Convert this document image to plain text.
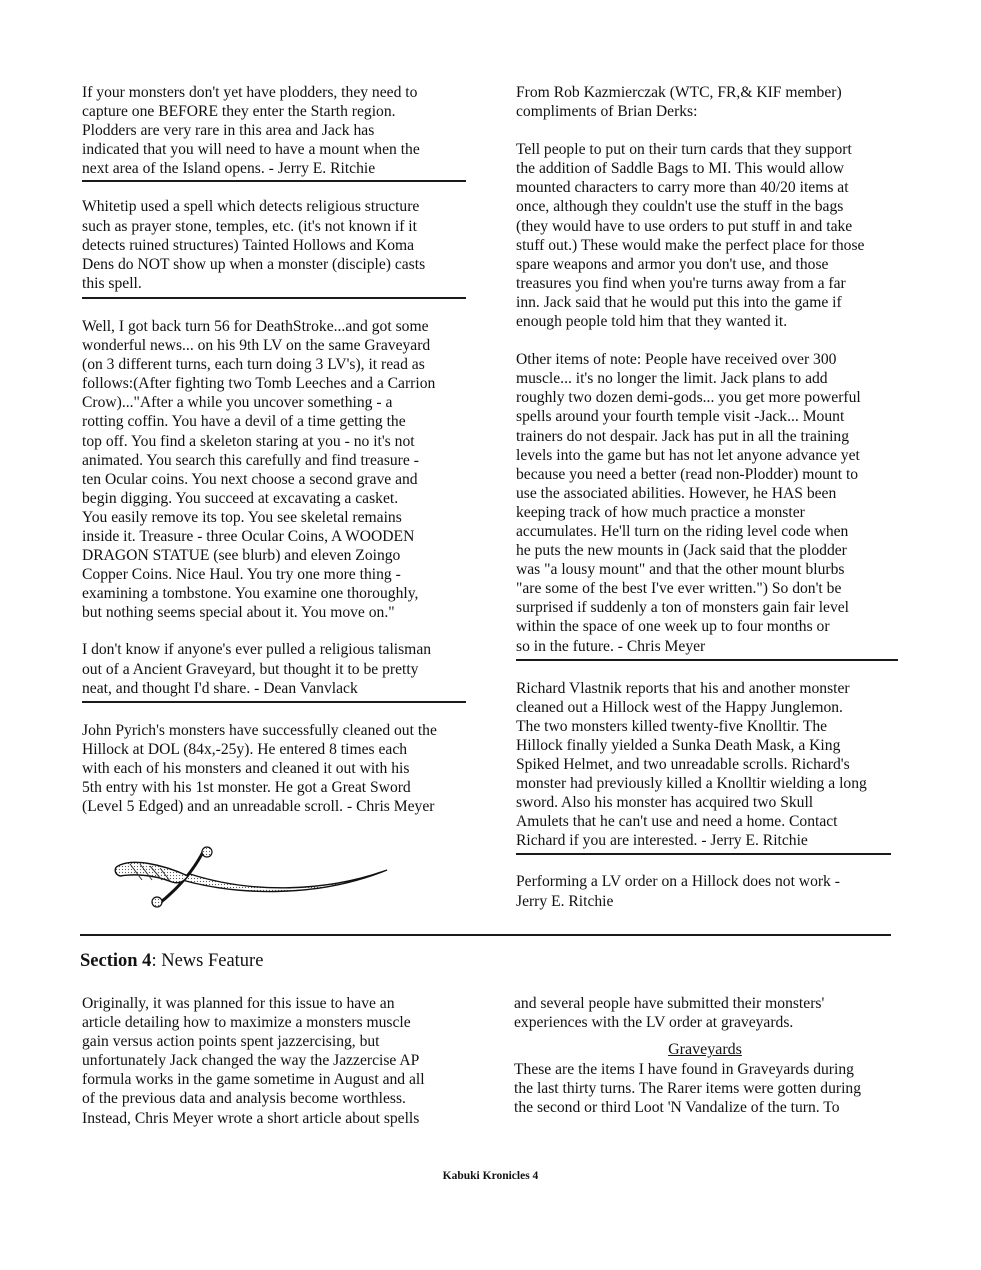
If your monsters don't yet have plodders, they need to
capture one BEFORE they enter the Starth region.
Plodders are very rare in this area and Jack has
indicated that you will need to have a mount when the
next area of the Island opens. - Jerry E. Ritchie

Whitetip used a spell which detects religious structure
such as prayer stone, temples, etc. (it's not known if it
detects ruined structures) Tainted Hollows and Koma
Dens do NOT show up when a monster (disciple) casts
this spell.

Well, I got back turn 56 for DeathStroke...and got some
wonderful news... on his 9th LV on the same Graveyard
(on 3 different turns, each turn doing 3 LV's), it read as
follows:(After fighting two Tomb Leeches and a Carrion
Crow)..."After a while you uncover something - a
rotting coffin. You have a devil of a time getting the
top off. You find a skeleton staring at you - no it's not
animated. You search this carefully and find treasure -
ten Ocular coins. You next choose a second grave and
begin digging. You succeed at excavating a casket.
You easily remove its top. You see skeletal remains
inside it. Treasure - three Ocular Coins, A WOODEN
DRAGON STATUE (see blurb) and eleven Zoingo
Copper Coins. Nice Haul. You try one more thing -
examining a tombstone. You examine one thoroughly,
but nothing seems special about it. You move on."

I don't know if anyone's ever pulled a religious talisman
out of a Ancient Graveyard, but thought it to be pretty
neat, and thought I'd share. - Dean Vanvlack

John Pyrich's monsters have successfully cleaned out the
Hillock at DOL (84x,-25y). He entered 8 times each
with each of his monsters and cleaned it out with his
5th entry with his 1st monster. He got a Great Sword
(Level 5 Edged) and an unreadable scroll. - Chris Meyer

From Rob Kazmierczak (WTC, FR,& KIF member)
compliments of Brian Derks:

Tell people to put on their turn cards that they support
the addition of Saddle Bags to MI. This would allow
mounted characters to carry more than 40/20 items at
once, although they couldn't use the stuff in the bags
(they would have to use orders to put stuff in and take
stuff out.) These would make the perfect place for those
spare weapons and armor you don't use, and those
treasures you find when you're turns away from a far
inn. Jack said that he would put this into the game if
enough people told him that they wanted it.

Other items of note: People have received over 300
muscle... it's no longer the limit. Jack plans to add
roughly two dozen demi-gods... you get more powerful
spells around your fourth temple visit -Jack... Mount
trainers do not despair. Jack has put in all the training
levels into the game but has not let anyone advance yet
because you need a better (read non-Plodder) mount to
use the associated abilities. However, he HAS been
keeping track of how much practice a monster
accumulates. He'll turn on the riding level code when
he puts the new mounts in (Jack said that the plodder
was "a lousy mount" and that the other mount blurbs
"are some of the best I've ever written.") So don't be
surprised if suddenly a ton of monsters gain fair level
within the space of one week up to four months or
so in the future. - Chris Meyer

Richard Vlastnik reports that his and another monster
cleaned out a Hillock west of the Happy Junglemon.
The two monsters killed twenty-five Knolltir. The
Hillock finally yielded a Sunka Death Mask, a King
Spiked Helmet, and two unreadable scrolls. Richard's
monster had previously killed a Knolltir wielding a long
sword. Also his monster has acquired two Skull
Amulets that he can't use and need a home. Contact
Richard if you are interested. - Jerry E. Ritchie

Performing a LV order on a Hillock does not work -
Jerry E. Ritchie

Section 4: News Feature

Originally, it was planned for this issue to have an
article detailing how to maximize a monsters muscle
gain versus action points spent jazzercising, but
unfortunately Jack changed the way the Jazzercise AP
formula works in the game sometime in August and all
of the previous data and analysis become worthless.
Instead, Chris Meyer wrote a short article about spells

and several people have submitted their monsters'
experiences with the LV order at graveyards.

Graveyards

These are the items I have found in Graveyards during
the last thirty turns. The Rarer items were gotten during
the second or third Loot 'N Vandalize of the turn. To

Kabuki Kronicles 4
